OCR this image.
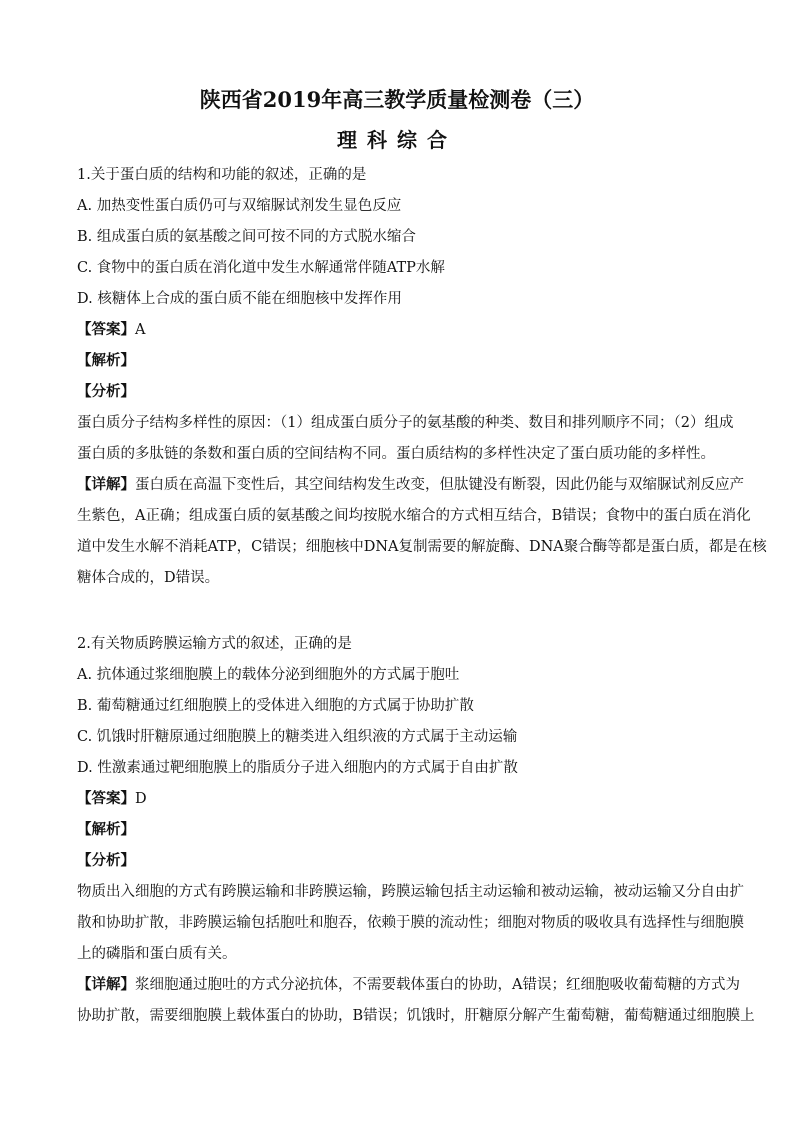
陕西省2019年高三教学质量检测卷（三）
理科综合
1.关于蛋白质的结构和功能的叙述，正确的是
A. 加热变性蛋白质仍可与双缩脲试剂发生显色反应
B. 组成蛋白质的氨基酸之间可按不同的方式脱水缩合
C. 食物中的蛋白质在消化道中发生水解通常伴随ATP水解
D. 核糖体上合成的蛋白质不能在细胞核中发挥作用
【答案】A
【解析】
【分析】
蛋白质分子结构多样性的原因：（1）组成蛋白质分子的氨基酸的种类、数目和排列顺序不同；（2）组成
蛋白质的多肽链的条数和蛋白质的空间结构不同。蛋白质结构的多样性决定了蛋白质功能的多样性。
【详解】蛋白质在高温下变性后，其空间结构发生改变，但肽键没有断裂，因此仍能与双缩脲试剂反应产
生紫色，A正确；组成蛋白质的氨基酸之间均按脱水缩合的方式相互结合，B错误；食物中的蛋白质在消化
道中发生水解不消耗ATP，C错误；细胞核中DNA复制需要的解旋酶、DNA聚合酶等都是蛋白质，都是在核
糖体合成的，D错误。
2.有关物质跨膜运输方式的叙述，正确的是
A. 抗体通过浆细胞膜上的载体分泌到细胞外的方式属于胞吐
B. 葡萄糖通过红细胞膜上的受体进入细胞的方式属于协助扩散
C. 饥饿时肝糖原通过细胞膜上的糖类进入组织液的方式属于主动运输
D. 性激素通过靶细胞膜上的脂质分子进入细胞内的方式属于自由扩散
【答案】D
【解析】
【分析】
物质出入细胞的方式有跨膜运输和非跨膜运输，跨膜运输包括主动运输和被动运输，被动运输又分自由扩
散和协助扩散，非跨膜运输包括胞吐和胞吞，依赖于膜的流动性；细胞对物质的吸收具有选择性与细胞膜
上的磷脂和蛋白质有关。
【详解】浆细胞通过胞吐的方式分泌抗体，不需要载体蛋白的协助，A错误；红细胞吸收葡萄糖的方式为
协助扩散，需要细胞膜上载体蛋白的协助，B错误；饥饿时，肝糖原分解产生葡萄糖，葡萄糖通过细胞膜上
